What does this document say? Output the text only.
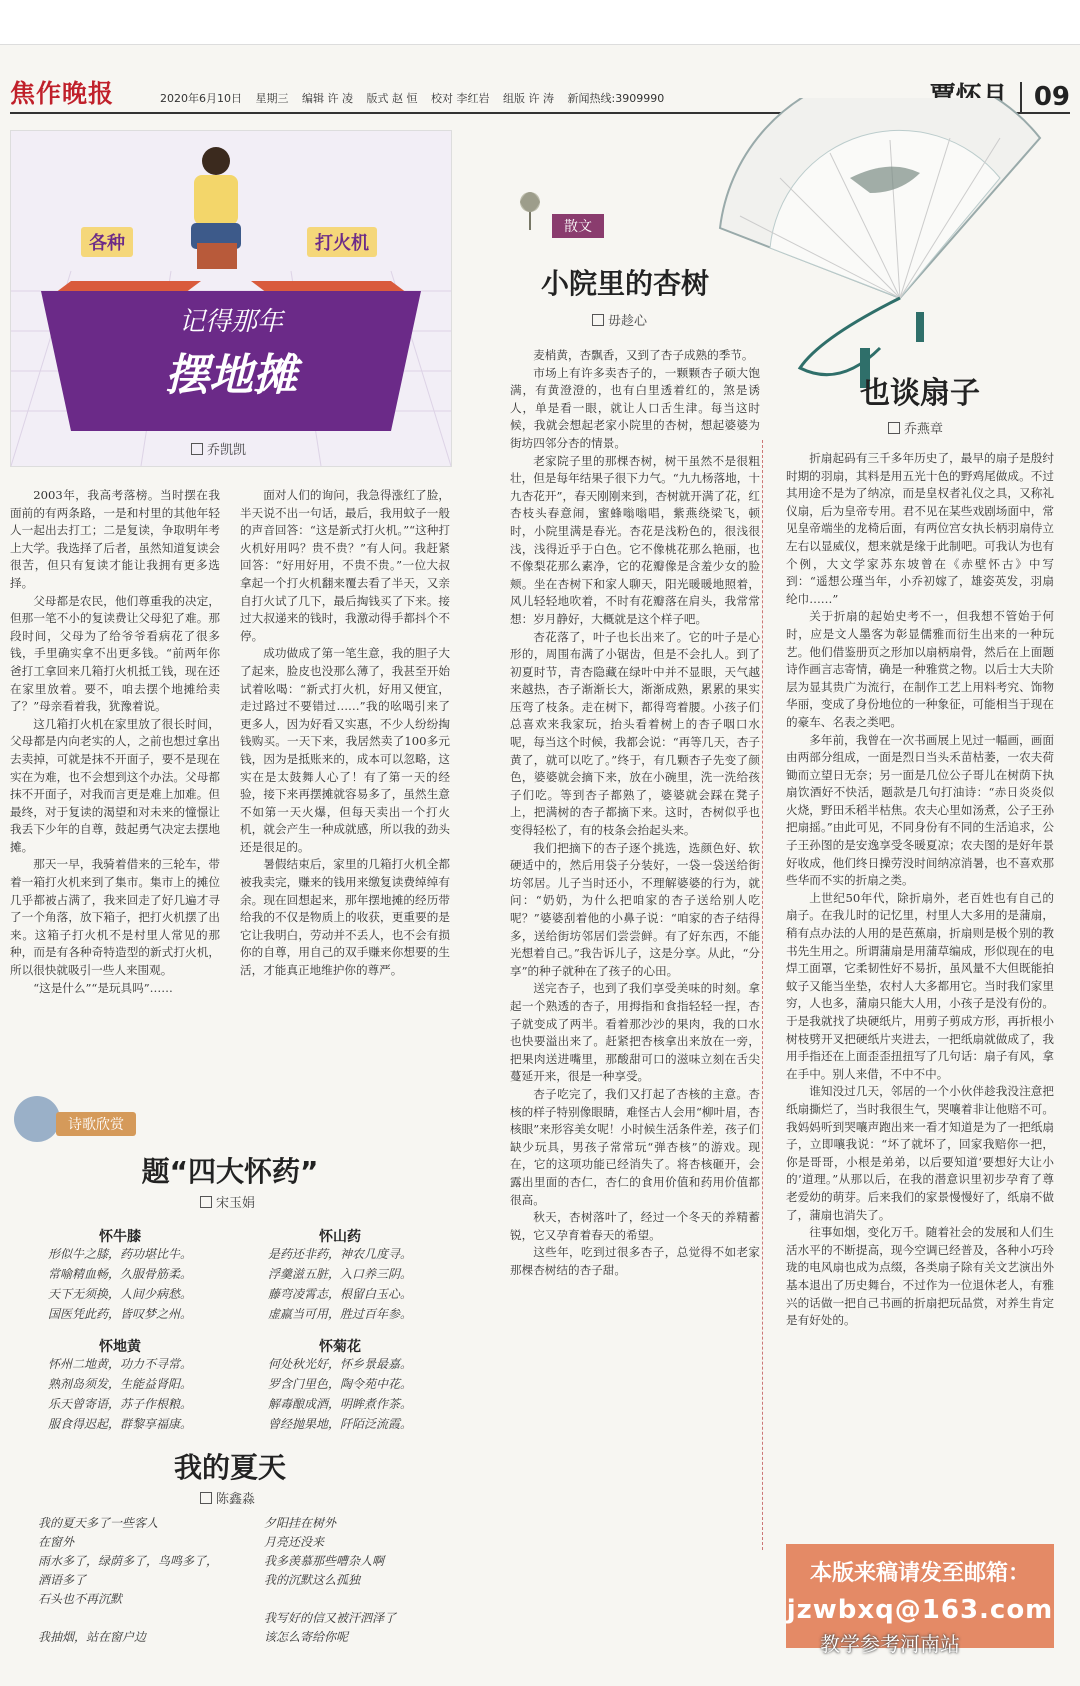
焦作晚报	2020年6月10日 星期三 编辑 许 凌 版式 赵 恒 校对 李红岩 组版 许 涛 新闻热线:3909990	覃怀月 09
各种	打火机
记得那年
摆地摊
乔凯凯

2003年，我高考落榜。当时摆在我面前的有两条路，一是和村里的其他年轻人一起出去打工；二是复读，争取明年考上大学。我选择了后者，虽然知道复读会很苦，但只有复读才能让我拥有更多选择。

父母都是农民，他们尊重我的决定，但那一笔不小的复读费让父母犯了难。那段时间，父母为了给爷爷看病花了很多钱，手里确实拿不出更多钱。“前两年你爸打工拿回来几箱打火机抵工钱，现在还在家里放着。要不，咱去摆个地摊给卖了？”母亲看着我，犹豫着说。

这几箱打火机在家里放了很长时间，父母都是内向老实的人，之前也想过拿出去卖掉，可就是抹不开面子，要不是现在实在为难，也不会想到这个办法。父母都抹不开面子，对我而言更是难上加难。但最终，对于复读的渴望和对未来的憧憬让我丢下少年的自尊，鼓起勇气决定去摆地摊。

那天一早，我骑着借来的三轮车，带着一箱打火机来到了集市。集市上的摊位几乎都被占满了，我来回走了好几遍才寻了一个角落，放下箱子，把打火机摆了出来。这箱子打火机不是村里人常见的那种，而是有各种奇特造型的新式打火机，所以很快就吸引一些人来围观。

“这是什么”“是玩具吗”……

面对人们的询问，我急得涨红了脸，半天说不出一句话，最后，我用蚊子一般的声音回答：“这是新式打火机。”“这种打火机好用吗？贵不贵？”有人问。我赶紧回答：“好用好用，不贵不贵。”一位大叔拿起一个打火机翻来覆去看了半天，又亲自打火试了几下，最后掏钱买了下来。接过大叔递来的钱时，我激动得手都抖个不停。

成功做成了第一笔生意，我的胆子大了起来，脸皮也没那么薄了，我甚至开始试着吆喝：“新式打火机，好用又便宜，走过路过不要错过……”我的吆喝引来了更多人，因为好看又实惠，不少人纷纷掏钱购买。一天下来，我居然卖了100多元钱，因为是抵账来的，成本可以忽略，这实在是太鼓舞人心了！有了第一天的经验，接下来再摆摊就容易多了，虽然生意不如第一天火爆，但每天卖出一个打火机，就会产生一种成就感，所以我的劲头还是很足的。

暑假结束后，家里的几箱打火机全都被我卖完，赚来的钱用来缴复读费绰绰有余。现在回想起来，那年摆地摊的经历带给我的不仅是物质上的收获，更重要的是它让我明白，劳动并不丢人，也不会有损你的自尊，用自己的双手赚来你想要的生活，才能真正地维护你的尊严。

诗歌欣赏
题“四大怀药”
宋玉娟
怀牛膝
形似牛之膝，药功堪比牛。
常喻精血畅，久服骨筋柔。
天下无须换，人间少病愁。
国医凭此药，皆叹梦之州。
怀山药
是药还非药，神农几度寻。
浮羹滋五脏，入口养三阴。
藤弯凌霄志，根留白玉心。
虚羸当可用，胜过百年参。
怀地黄
怀州二地黄，功力不寻常。
熟剂岛须发，生能益肾阳。
乐天曾寄语，苏子作根粮。
服食得迟起，群黎享福康。
怀菊花
何处秋光好，怀乡景最嘉。
罗含门里色，陶令苑中花。
解毒酿成酒，明眸煮作茶。
曾经抛果地，阡陌泛流霞。
我的夏天
陈鑫淼
我的夏天多了一些客人
在窗外
雨水多了，绿荫多了，鸟鸣多了，
酒语多了
石头也不再沉默

我抽烟，站在窗户边
夕阳挂在树外
月亮还没来
我多羡慕那些嘈杂人啊
我的沉默这么孤独

我写好的信又被汗泗泽了
该怎么寄给你呢
散文
小院里的杏树
毋趁心

麦梢黄，杏飘香，又到了杏子成熟的季节。

市场上有许多卖杏子的，一颗颗杏子硕大饱满，有黄澄澄的，也有白里透着红的，煞是诱人，单是看一眼，就让人口舌生津。每当这时候，我就会想起老家小院里的杏树，想起婆婆为街坊四邻分杏的情景。

老家院子里的那棵杏树，树干虽然不是很粗壮，但是每年结果子很下力气。“九九杨落地，十九杏花开”，春天刚刚来到，杏树就开满了花，红杏枝头春意闹，蜜蜂嗡嗡唱，紫燕绕梁飞，顿时，小院里满是春光。杏花是浅粉色的，很浅很浅，浅得近乎于白色。它不像桃花那么艳丽，也不像梨花那么素净，它的花瓣像是含羞少女的脸颊。坐在杏树下和家人聊天，阳光暖暖地照着，风儿轻轻地吹着，不时有花瓣落在肩头，我常常想：岁月静好，大概就是这个样子吧。

杏花落了，叶子也长出来了。它的叶子是心形的，周围布满了小锯齿，但是不会扎人。到了初夏时节，青杏隐藏在绿叶中并不显眼，天气越来越热，杏子渐渐长大，渐渐成熟，累累的果实压弯了枝条。走在树下，都得弯着腰。小孩子们总喜欢来我家玩，抬头看着树上的杏子咽口水呢，每当这个时候，我都会说：“再等几天，杏子黄了，就可以吃了。”终于，有几颗杏子先变了颜色，婆婆就会摘下来，放在小碗里，洗一洗给孩子们吃。等到杏子都熟了，婆婆就会踩在凳子上，把满树的杏子都摘下来。这时，杏树似乎也变得轻松了，有的枝条会抬起头来。

我们把摘下的杏子逐个挑选，选颜色好、软硬适中的，然后用袋子分装好，一袋一袋送给街坊邻居。儿子当时还小，不理解婆婆的行为，就问：“奶奶，为什么把咱家的杏子送给别人吃呢？”婆婆刮着他的小鼻子说：“咱家的杏子结得多，送给街坊邻居们尝尝鲜。有了好东西，不能光想着自己。”我告诉儿子，这是分享。从此，“分享”的种子就种在了孩子的心田。

送完杏子，也到了我们享受美味的时刻。拿起一个熟透的杏子，用拇指和食指轻轻一捏，杏子就变成了两半。看着那沙沙的果肉，我的口水也快要溢出来了。赶紧把杏核拿出来放在一旁，把果肉送进嘴里，那酸甜可口的滋味立刻在舌尖蔓延开来，很是一种享受。

杏子吃完了，我们又打起了杏核的主意。杏核的样子特别像眼睛，难怪古人会用“柳叶眉，杏核眼”来形容美女呢！小时候生活条件差，孩子们缺少玩具，男孩子常常玩“弹杏核”的游戏。现在，它的这项功能已经消失了。将杏核砸开，会露出里面的杏仁，杏仁的食用价值和药用价值都很高。

秋天，杏树落叶了，经过一个冬天的养精蓄锐，它又孕育着春天的希望。

这些年，吃到过很多杏子，总觉得不如老家那棵杏树结的杏子甜。

也谈扇子
乔燕章

折扇起码有三千多年历史了，最早的扇子是殷纣时期的羽扇，其料是用五光十色的野鸡尾做成。不过其用途不是为了纳凉，而是皇权者礼仪之具，又称礼仪扇，后为皇帝专用。君不见在某些戏剧场面中，常见皇帝端坐的龙椅后面，有两位宫女执长柄羽扇侍立左右以显威仪，想来就是缘于此制吧。可我认为也有个例，大文学家苏东坡曾在《赤壁怀古》中写到：“遥想公瑾当年，小乔初嫁了，雄姿英发，羽扇纶巾……”

关于折扇的起始史考不一，但我想不管始于何时，应是文人墨客为彰显儒雅而衍生出来的一种玩艺。他们借鉴册页之形加以扇柄扇骨，然后在上面题诗作画言志寄情，确是一种雅赏之物。以后士大夫阶层为显其贵广为流行，在制作工艺上用料考究、饰物华丽，变成了身份地位的一种象征，可能相当于现在的豪车、名表之类吧。

多年前，我曾在一次书画展上见过一幅画，画面由两部分组成，一面是烈日当头禾苗枯萎，一农夫荷锄而立望日无奈；另一面是几位公子哥儿在树荫下执扇饮酒好不快活，题款是几句打油诗：“赤日炎炎似火烧，野田禾稻半枯焦。农夫心里如汤煮，公子王孙把扇摇。”由此可见，不同身份有不同的生活追求，公子王孙图的是安逸享受冬暖夏凉；农夫图的是好年景好收成，他们终日操劳没时间纳凉消暑，也不喜欢那些华而不实的折扇之类。

上世纪50年代，除折扇外，老百姓也有自己的扇子。在我儿时的记忆里，村里人大多用的是蒲扇，稍有点办法的人用的是芭蕉扇，折扇则是极个别的教书先生用之。所谓蒲扇是用蒲草编成，形似现在的电焊工面罩，它柔韧性好不易折，虽风量不大但既能拍蚊子又能当坐垫，农村人大多都用它。当时我们家里穷，人也多，蒲扇只能大人用，小孩子是没有份的。于是我就找了块硬纸片，用剪子剪成方形，再折根小树枝劈开叉把硬纸片夹进去，一把纸扇就做成了，我用手指还在上面歪歪扭扭写了几句话：扇子有风，拿在手中。别人来借，不中不中。

谁知没过几天，邻居的一个小伙伴趁我没注意把纸扇撕烂了，当时我很生气，哭嚷着非让他赔不可。我妈妈听到哭嚷声跑出来一看才知道是为了一把纸扇子，立即嚷我说：“坏了就坏了，回家我赔你一把，你是哥哥，小根是弟弟，以后要知道‘要想好大让小的’道理。”从那以后，在我的潜意识里初步孕育了尊老爱幼的萌芽。后来我们的家景慢慢好了，纸扇不做了，蒲扇也消失了。

往事如烟，变化万千。随着社会的发展和人们生活水平的不断提高，现今空调已经普及，各种小巧玲珑的电风扇也成为点缀，各类扇子除有关文艺演出外基本退出了历史舞台，不过作为一位退休老人，有雅兴的话做一把自己书画的折扇把玩品赏，对养生肯定是有好处的。

本版来稿请发至邮箱：
jzwbxq@163.com
教学参考河南站
